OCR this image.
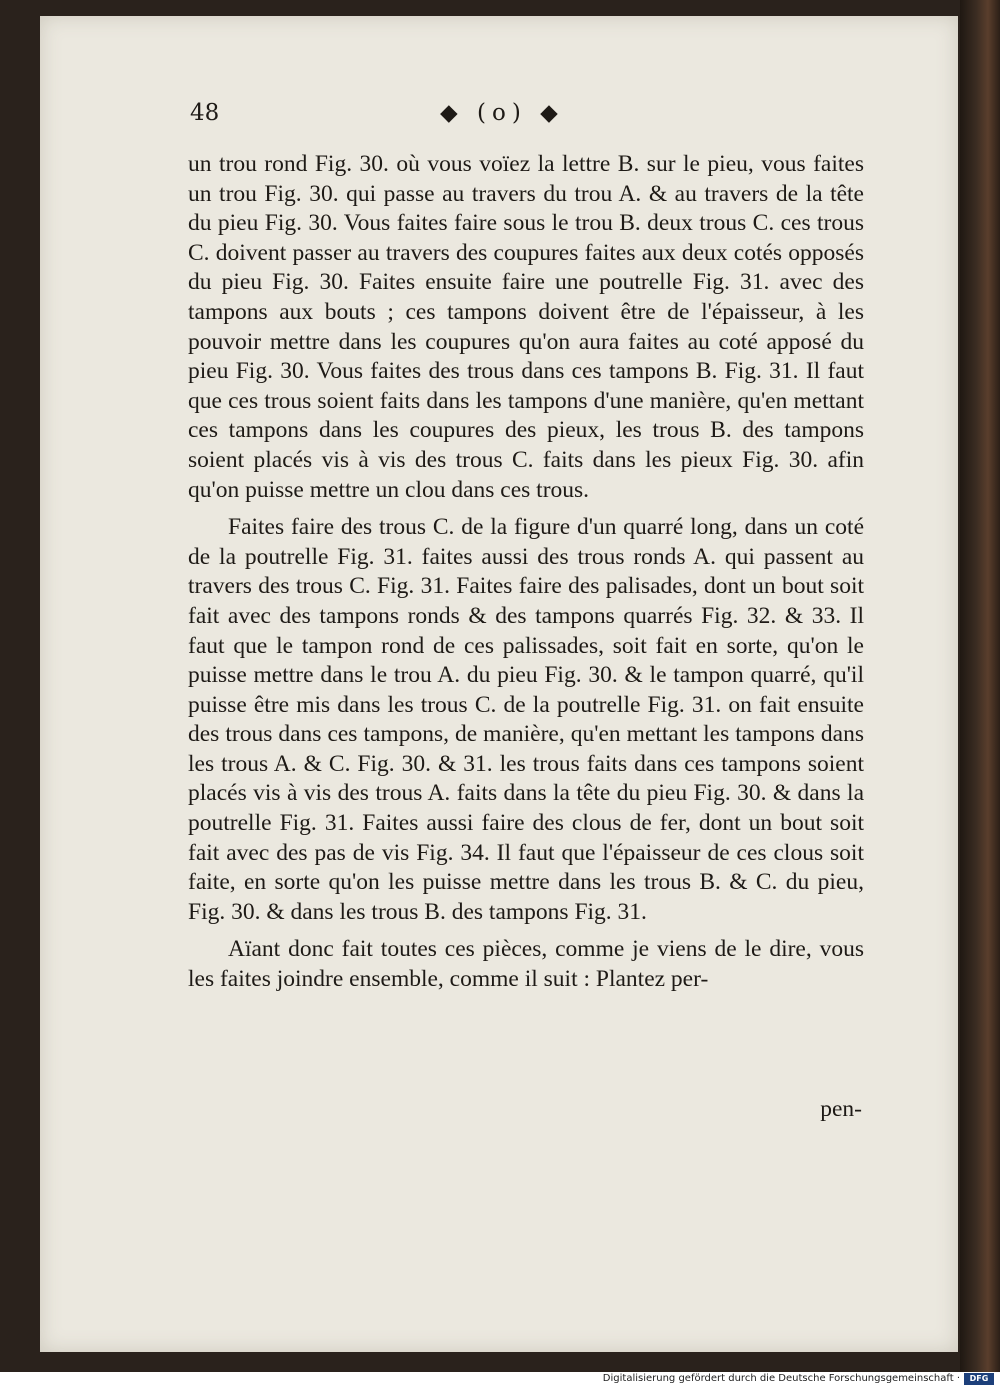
48	◆ (o) ◆

un trou rond Fig. 30. où vous voïez la lettre B. sur le pieu, vous faites un trou Fig. 30. qui passe au travers du trou A. & au travers de la tête du pieu Fig. 30. Vous faites faire sous le trou B. deux trous C. ces trous C. doivent passer au travers des coupures faites aux deux cotés opposés du pieu Fig. 30. Faites ensuite faire une poutrelle Fig. 31. avec des tampons aux bouts ; ces tampons doivent être de l'épaisseur, à les pouvoir mettre dans les coupures qu'on aura faites au coté apposé du pieu Fig. 30. Vous faites des trous dans ces tampons B. Fig. 31. Il faut que ces trous soient faits dans les tampons d'une manière, qu'en mettant ces tampons dans les coupures des pieux, les trous B. des tampons soient placés vis à vis des trous C. faits dans les pieux Fig. 30. afin qu'on puisse mettre un clou dans ces trous.

Faites faire des trous C. de la figure d'un quarré long, dans un coté de la poutrelle Fig. 31. faites aussi des trous ronds A. qui passent au travers des trous C. Fig. 31. Faites faire des palisades, dont un bout soit fait avec des tampons ronds & des tampons quarrés Fig. 32. & 33. Il faut que le tampon rond de ces palissades, soit fait en sorte, qu'on le puisse mettre dans le trou A. du pieu Fig. 30. & le tampon quarré, qu'il puisse être mis dans les trous C. de la poutrelle Fig. 31. on fait ensuite des trous dans ces tampons, de manière, qu'en mettant les tampons dans les trous A. & C. Fig. 30. & 31. les trous faits dans ces tampons soient placés vis à vis des trous A. faits dans la tête du pieu Fig. 30. & dans la poutrelle Fig. 31. Faites aussi faire des clous de fer, dont un bout soit fait avec des pas de vis Fig. 34. Il faut que l'épaisseur de ces clous soit faite, en sorte qu'on les puisse mettre dans les trous B. & C. du pieu, Fig. 30. & dans les trous B. des tampons Fig. 31.

Aïant donc fait toutes ces pièces, comme je viens de le dire, vous les faites joindre ensemble, comme il suit : Plantez per-

pen-
Digitalisierung gefördert durch die Deutsche Forschungsgemeinschaft ·	DFG
